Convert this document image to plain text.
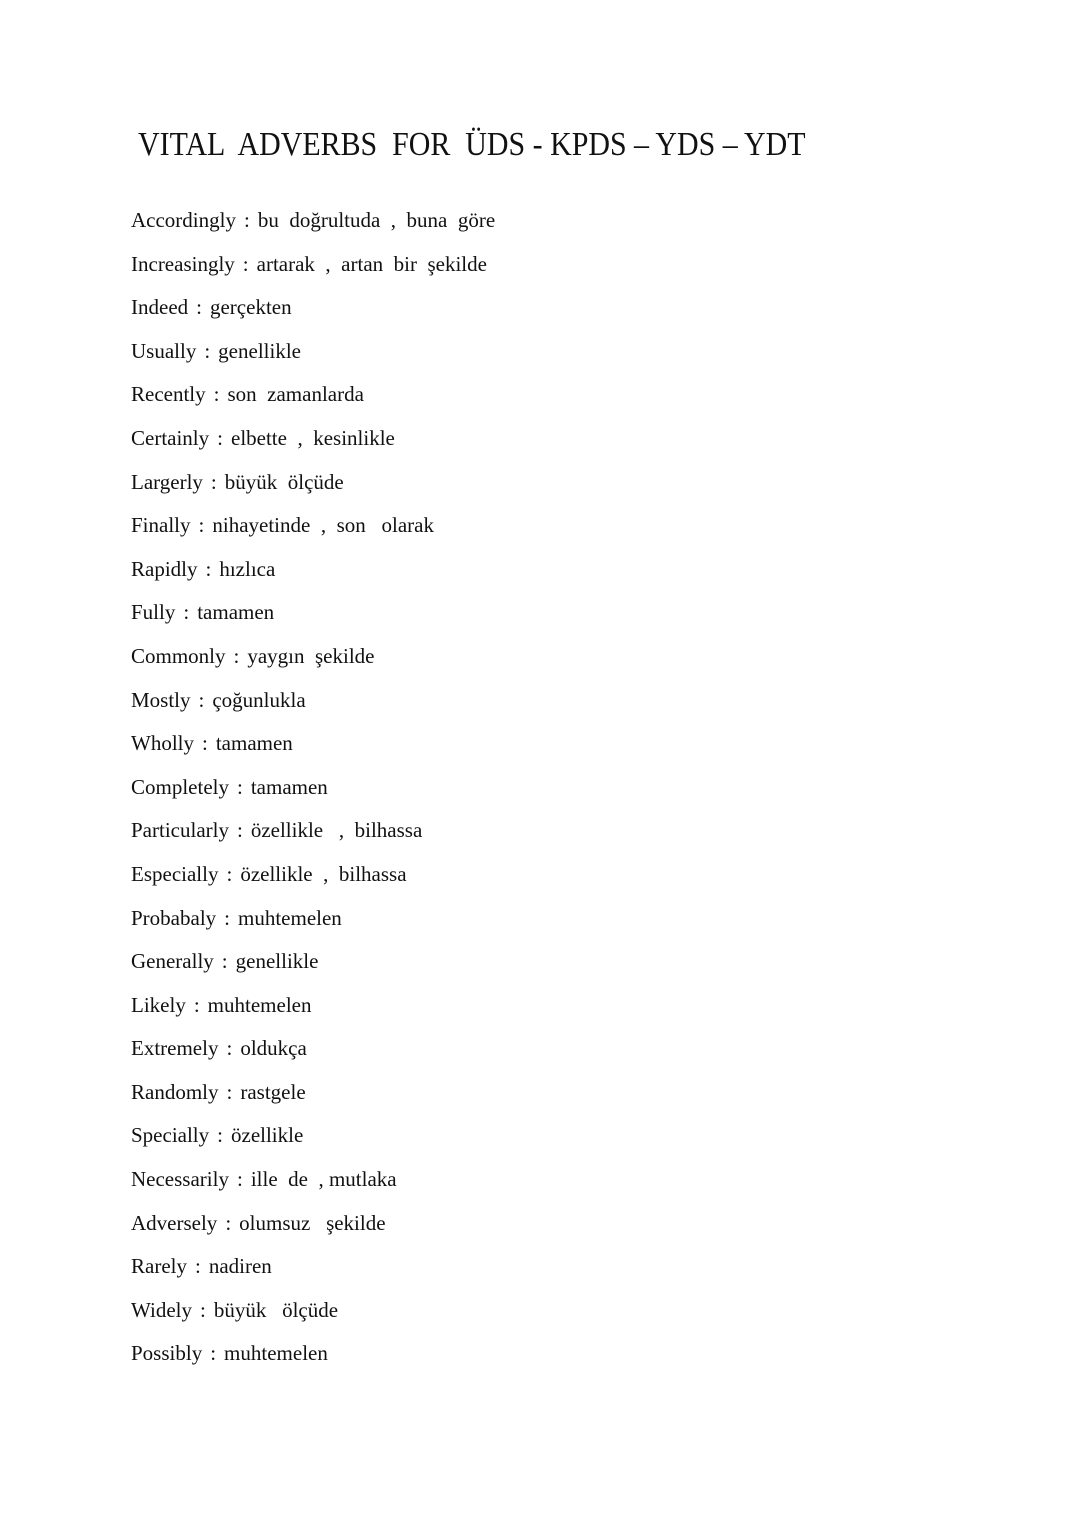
VITAL  ADVERBS  FOR  ÜDS - KPDS – YDS – YDT
Accordingly : bu  doğrultuda  ,  buna  göre
Increasingly : artarak  ,  artan  bir  şekilde
Indeed : gerçekten
Usually : genellikle
Recently : son  zamanlarda
Certainly : elbette  ,  kesinlikle
Largerly : büyük  ölçüde
Finally : nihayetinde  ,  son   olarak
Rapidly : hızlıca
Fully : tamamen
Commonly : yaygın  şekilde
Mostly : çoğunlukla
Wholly : tamamen
Completely : tamamen
Particularly : özellikle   ,  bilhassa
Especially : özellikle  ,  bilhassa
Probabaly : muhtemelen
Generally : genellikle
Likely : muhtemelen
Extremely : oldukça
Randomly : rastgele
Specially : özellikle
Necessarily : ille  de  , mutlaka
Adversely : olumsuz   şekilde
Rarely : nadiren
Widely : büyük   ölçüde
Possibly : muhtemelen
